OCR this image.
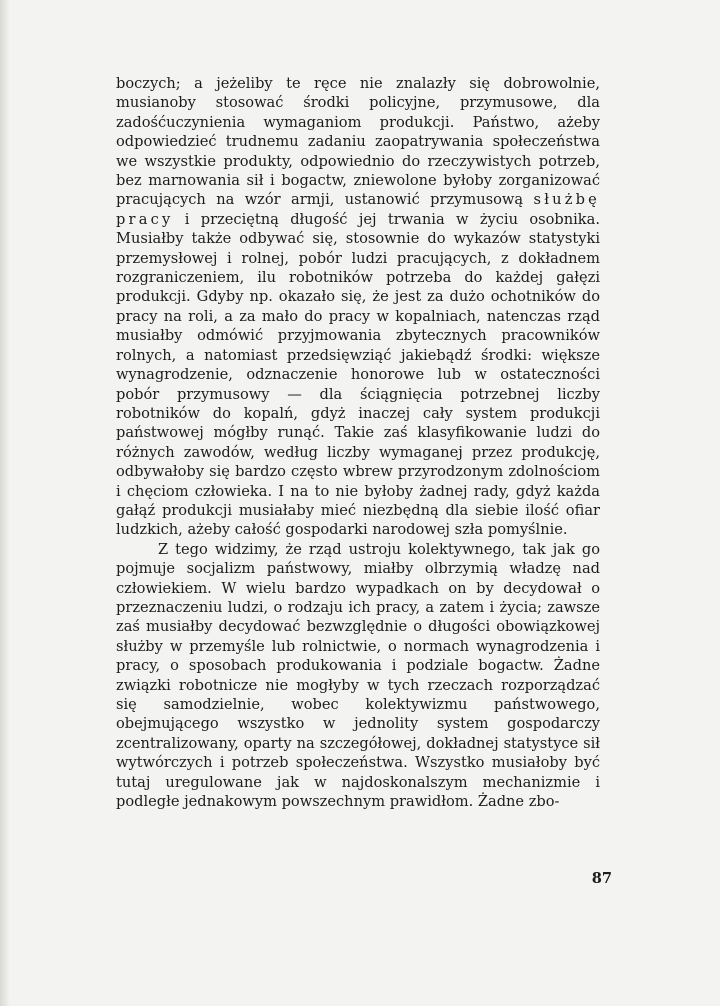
boczych; a jeżeliby te ręce nie znalazły się dobrowolnie, musianoby stosować środki policyjne, przymusowe, dla zadośćuczynienia wymaganiom produkcji. Państwo, ażeby odpowiedzieć trudnemu zadaniu zaopatrywania społeczeństwa we wszystkie produkty, odpowiednio do rzeczywistych potrzeb, bez marnowania sił i bogactw, zniewolone byłoby zorganizować pracujących na wzór armji, ustanowić przymusową służbę pracy i przeciętną długość jej trwania w życiu osobnika. Musiałby także odbywać się, stosownie do wykazów statystyki przemysłowej i rolnej, pobór ludzi pracujących, z dokładnem rozgraniczeniem, ilu robotników potrzeba do każdej gałęzi produkcji. Gdyby np. okazało się, że jest za dużo ochotników do pracy na roli, a za mało do pracy w kopalniach, natenczas rząd musiałby odmówić przyjmowania zbytecznych pracowników rolnych, a natomiast przedsięwziąć jakiebądź środki: większe wynagrodzenie, odznaczenie honorowe lub w ostateczności pobór przymusowy — dla ściągnięcia potrzebnej liczby robotników do kopalń, gdyż inaczej cały system produkcji państwowej mógłby runąć. Takie zaś klasyfikowanie ludzi do różnych zawodów, według liczby wymaganej przez produkcję, odbywałoby się bardzo często wbrew przyrodzonym zdolnościom i chęciom człowieka. I na to nie byłoby żadnej rady, gdyż każda gałąź produkcji musiałaby mieć niezbędną dla siebie ilość ofiar ludzkich, ażeby całość gospodarki narodowej szła pomyślnie.

Z tego widzimy, że rząd ustroju kolektywnego, tak jak go pojmuje socjalizm państwowy, miałby olbrzymią władzę nad człowiekiem. W wielu bardzo wypadkach on by decydował o przeznaczeniu ludzi, o rodzaju ich pracy, a zatem i życia; zawsze zaś musiałby decydować bezwzględnie o długości obowiązkowej służby w przemyśle lub rolnictwie, o normach wynagrodzenia i pracy, o sposobach produkowania i podziale bogactw. Żadne związki robotnicze nie mogłyby w tych rzeczach rozporządzać się samodzielnie, wobec kolektywizmu państwowego, obejmującego wszystko w jednolity system gospodarczy zcentralizowany, oparty na szczegółowej, dokładnej statystyce sił wytwórczych i potrzeb społeczeństwa. Wszystko musiałoby być tutaj uregulowane jak w najdoskonalszym mechanizmie i podległe jednakowym powszechnym prawidłom. Żadne zbo-

87
